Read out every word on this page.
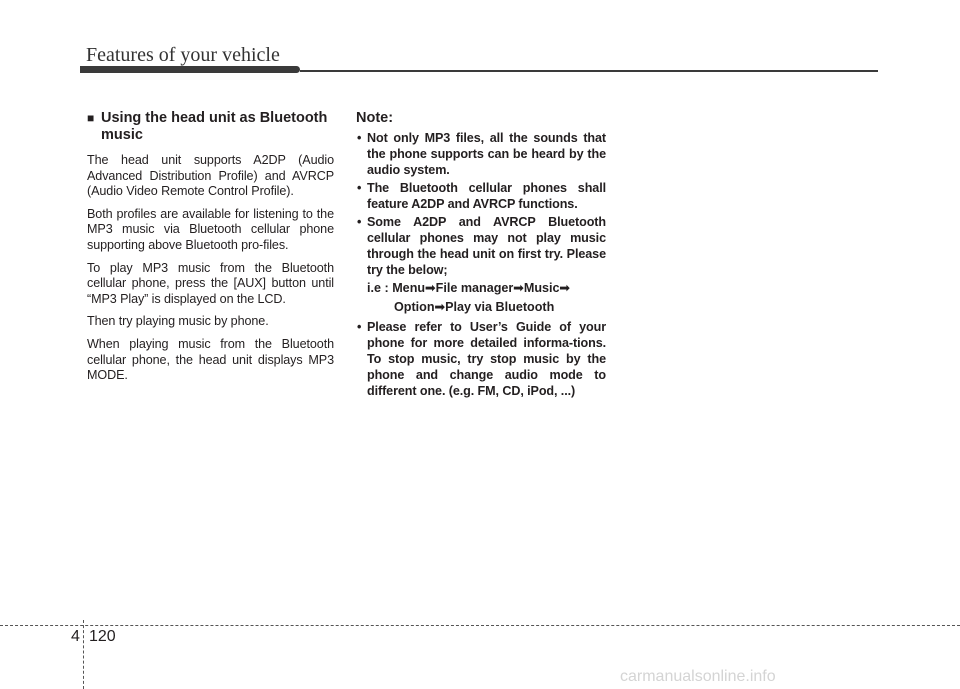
Features of your vehicle
■ Using the head unit as Bluetooth music

The head unit supports A2DP (Audio Advanced Distribution Profile) and AVRCP (Audio Video Remote Control Profile).

Both profiles are available for listening to the MP3 music via Bluetooth cellular phone supporting above Bluetooth pro-files.

To play MP3 music from the Bluetooth cellular phone, press the [AUX] button until “MP3 Play” is displayed on the LCD.

Then try playing music by phone.

When playing music from the Bluetooth cellular phone, the head unit displays MP3 MODE.

Note:
• Not only MP3 files, all the sounds that the phone supports can be heard by the audio system.
• The Bluetooth cellular phones shall feature A2DP and AVRCP functions.
• Some A2DP and AVRCP Bluetooth cellular phones may not play music through the head unit on first try. Please try the below;
i.e : Menu➟File manager➟Music➟
Option➟Play via Bluetooth
• Please refer to User’s Guide of your phone for more detailed informa-tions. To stop music, try stop music by the phone and change audio mode to different one. (e.g. FM, CD, iPod, ...)
4 120
carmanualsonline.info
